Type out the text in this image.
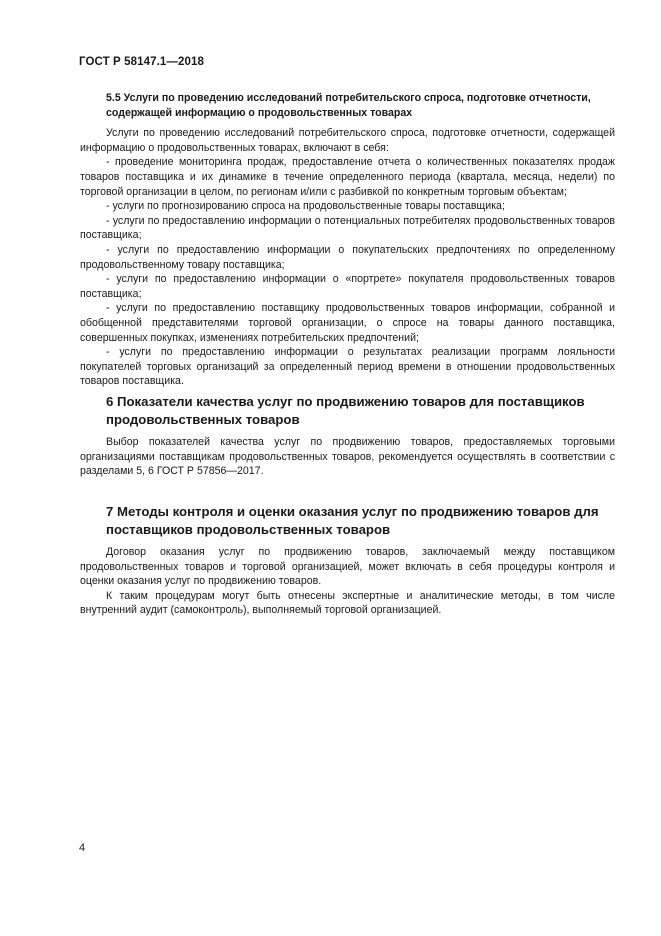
ГОСТ Р 58147.1—2018
5.5 Услуги по проведению исследований потребительского спроса, подготовке отчетности, содержащей информацию о продовольственных товарах

Услуги по проведению исследований потребительского спроса, подготовке отчетности, содержащей информацию о продовольственных товарах, включают в себя:

- проведение мониторинга продаж, предоставление отчета о количественных показателях продаж товаров поставщика и их динамике в течение определенного периода (квартала, месяца, недели) по торговой организации в целом, по регионам и/или с разбивкой по конкретным торговым объектам;

- услуги по прогнозированию спроса на продовольственные товары поставщика;

- услуги по предоставлению информации о потенциальных потребителях продовольственных товаров поставщика;

- услуги по предоставлению информации о покупательских предпочтениях по определенному продовольственному товару поставщика;

- услуги по предоставлению информации о «портрете» покупателя продовольственных товаров поставщика;

- услуги по предоставлению поставщику продовольственных товаров информации, собранной и обобщенной представителями торговой организации, о спросе на товары данного поставщика, совершенных покупках, изменениях потребительских предпочтений;

- услуги по предоставлению информации о результатах реализации программ лояльности покупателей торговых организаций за определенный период времени в отношении продовольственных товаров поставщика.

6 Показатели качества услуг по продвижению товаров для поставщиков продовольственных товаров

Выбор показателей качества услуг по продвижению товаров, предоставляемых торговыми организациями поставщикам продовольственных товаров, рекомендуется осуществлять в соответствии с разделами 5, 6 ГОСТ Р 57856—2017.

7 Методы контроля и оценки оказания услуг по продвижению товаров для поставщиков продовольственных товаров

Договор оказания услуг по продвижению товаров, заключаемый между поставщиком продовольственных товаров и торговой организацией, может включать в себя процедуры контроля и оценки оказания услуг по продвижению товаров.

К таким процедурам могут быть отнесены экспертные и аналитические методы, в том числе внутренний аудит (самоконтроль), выполняемый торговой организацией.

4
